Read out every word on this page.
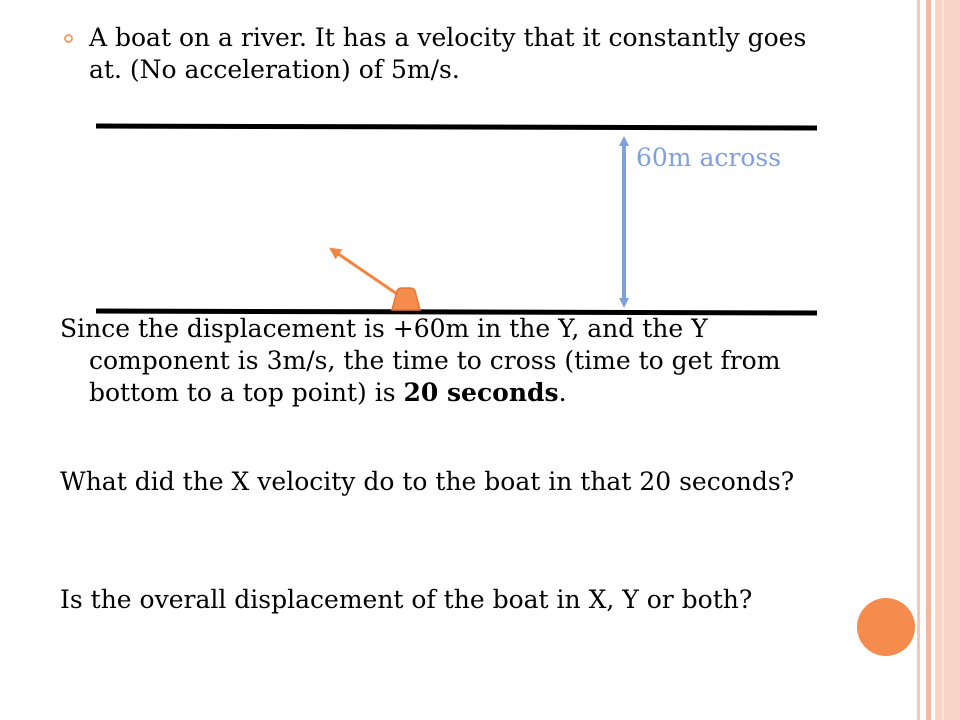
A boat on a river. It has a velocity that it constantly goes at. (No acceleration) of 5m/s.
60m across

Since the displacement is +60m in the Y, and the Y component is 3m/s, the time to cross (time to get from bottom to a top point) is 20 seconds.

What did the X velocity do to the boat in that 20 seconds?

Is the overall displacement of the boat in X, Y or both?
